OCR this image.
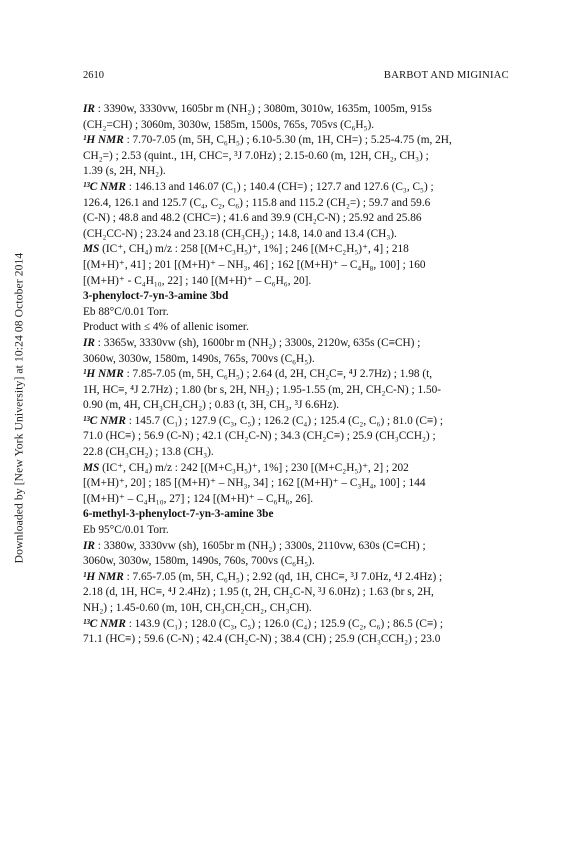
Downloaded by [New York University] at 10:24 08 October 2014
2610	BARBOT AND MIGINIAC
IR : 3390w, 3330vw, 1605br m (NH₂) ; 3080m, 3010w, 1635m, 1005m, 915s
(CH₂=CH) ; 3060m, 3030w, 1585m, 1500s, 765s, 705vs (C₆H₅).
¹H NMR : 7.70-7.05 (m, 5H, C₆H₅) ; 6.10-5.30 (m, 1H, CH=) ; 5.25-4.75 (m, 2H,
CH₂=) ; 2.53 (quint., 1H, CHC=, ³J 7.0Hz) ; 2.15-0.60 (m, 12H, CH₂, CH₃) ;
1.39 (s, 2H, NH₂).
¹³C NMR : 146.13 and 146.07 (C₁) ; 140.4 (CH=) ; 127.7 and 127.6 (C₃, C₅) ;
126.4, 126.1 and 125.7 (C₄, C₂, C₆) ; 115.8 and 115.2 (CH₂=) ; 59.7 and 59.6
(C-N) ; 48.8 and 48.2 (CHC=) ; 41.6 and 39.9 (CH₂C-N) ; 25.92 and 25.86
(CH₂CC-N) ; 23.24 and 23.18 (CH₃CH₂) ; 14.8, 14.0 and 13.4 (CH₃).
MS (IC⁺, CH₄) m/z : 258 [(M+C₃H₅)⁺, 1%] ; 246 [(M+C₂H₅)⁺, 4] ; 218
[(M+H)⁺, 41] ; 201 [(M+H)⁺ – NH₃, 46] ; 162 [(M+H)⁺ – C₄H₈, 100] ; 160
[(M+H)⁺ - C₄H₁₀, 22] ; 140 [(M+H)⁺ – C₆H₆, 20].
3-phenyloct-7-yn-3-amine 3bd
Eb 88°C/0.01 Torr.
Product with ≤ 4% of allenic isomer.
IR : 3365w, 3330vw (sh), 1600br m (NH₂) ; 3300s, 2120w, 635s (C≡CH) ;
3060w, 3030w, 1580m, 1490s, 765s, 700vs (C₆H₅).
¹H NMR : 7.85-7.05 (m, 5H, C₆H₅) ; 2.64 (d, 2H, CH₂C≡, ⁴J 2.7Hz) ; 1.98 (t,
1H, HC≡, ⁴J 2.7Hz) ; 1.80 (br s, 2H, NH₂) ; 1.95-1.55 (m, 2H, CH₂C-N) ; 1.50-
0.90 (m, 4H, CH₃CH₂CH₂) ; 0.83 (t, 3H, CH₃, ³J 6.6Hz).
¹³C NMR : 145.7 (C₁) ; 127.9 (C₃, C₅) ; 126.2 (C₄) ; 125.4 (C₂, C₆) ; 81.0 (C≡) ;
71.0 (HC≡) ; 56.9 (C-N) ; 42.1 (CH₂C-N) ; 34.3 (CH₂C≡) ; 25.9 (CH₃CCH₂) ;
22.8 (CH₃CH₂) ; 13.8 (CH₃).
MS (IC⁺, CH₄) m/z : 242 [(M+C₃H₅)⁺, 1%] ; 230 [(M+C₂H₅)⁺, 2] ; 202
[(M+H)⁺, 20] ; 185 [(M+H)⁺ – NH₃, 34] ; 162 [(M+H)⁺ – C₃H₄, 100] ; 144
[(M+H)⁺ – C₄H₁₀, 27] ; 124 [(M+H)⁺ – C₆H₆, 26].
6-methyl-3-phenyloct-7-yn-3-amine 3be
Eb 95°C/0.01 Torr.
IR : 3380w, 3330vw (sh), 1605br m (NH₂) ; 3300s, 2110vw, 630s (C≡CH) ;
3060w, 3030w, 1580m, 1490s, 760s, 700vs (C₆H₅).
¹H NMR : 7.65-7.05 (m, 5H, C₆H₅) ; 2.92 (qd, 1H, CHC≡, ³J 7.0Hz, ⁴J 2.4Hz) ;
2.18 (d, 1H, HC≡, ⁴J 2.4Hz) ; 1.95 (t, 2H, CH₂C-N, ³J 6.0Hz) ; 1.63 (br s, 2H,
NH₂) ; 1.45-0.60 (m, 10H, CH₃CH₂CH₂, CH₃CH).
¹³C NMR : 143.9 (C₁) ; 128.0 (C₃, C₅) ; 126.0 (C₄) ; 125.9 (C₂, C₆) ; 86.5 (C≡) ;
71.1 (HC≡) ; 59.6 (C-N) ; 42.4 (CH₂C-N) ; 38.4 (CH) ; 25.9 (CH₃CCH₂) ; 23.0
